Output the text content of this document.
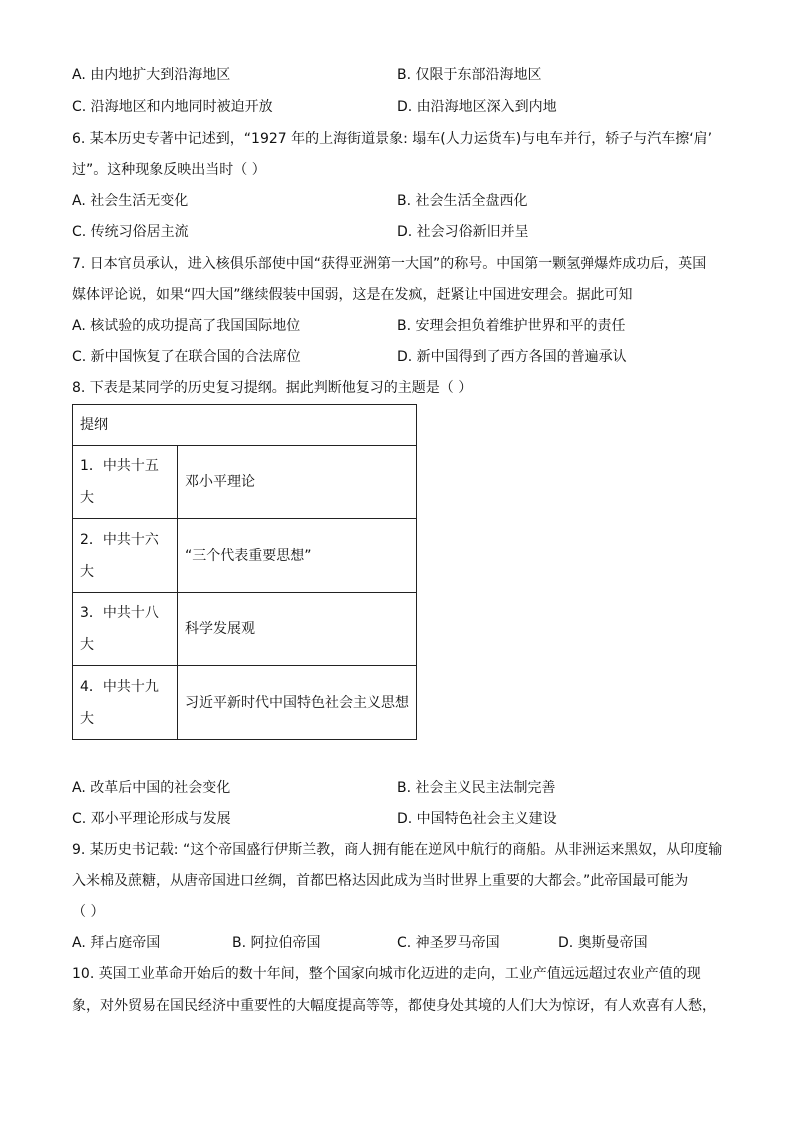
A. 由内地扩大到沿海地区	B. 仅限于东部沿海地区
C. 沿海地区和内地同时被迫开放	D. 由沿海地区深入到内地
6. 某本历史专著中记述到，“1927 年的上海街道景象: 塌车(人力运货车)与电车并行，轿子与汽车擦‘肩’
过”。这种现象反映出当时（ ）
A. 社会生活无变化	B. 社会生活全盘西化
C. 传统习俗居主流	D. 社会习俗新旧并呈
7. 日本官员承认，进入核俱乐部使中国“获得亚洲第一大国”的称号。中国第一颗氢弹爆炸成功后，英国
媒体评论说，如果“四大国”继续假装中国弱，这是在发疯，赶紧让中国进安理会。据此可知
A. 核试验的成功提高了我国国际地位	B. 安理会担负着维护世界和平的责任
C. 新中国恢复了在联合国的合法席位	D. 新中国得到了西方各国的普遍承认
8. 下表是某同学的历史复习提纲。据此判断他复习的主题是（ ）
提纲	
1．中共十五大	邓小平理论
2．中共十六大	“三个代表重要思想”
3．中共十八大	科学发展观
4．中共十九大	习近平新时代中国特色社会主义思想
A. 改革后中国的社会变化	B. 社会主义民主法制完善
C. 邓小平理论形成与发展	D. 中国特色社会主义建设
9. 某历史书记载: “这个帝国盛行伊斯兰教，商人拥有能在逆风中航行的商船。从非洲运来黑奴，从印度输
入米棉及蔗糖，从唐帝国进口丝绸，首都巴格达因此成为当时世界上重要的大都会。”此帝国最可能为
（ ）
A. 拜占庭帝国	B. 阿拉伯帝国	C. 神圣罗马帝国	D. 奥斯曼帝国
10. 英国工业革命开始后的数十年间，整个国家向城市化迈进的走向，工业产值远远超过农业产值的现
象，对外贸易在国民经济中重要性的大幅度提高等等，都使身处其境的人们大为惊讶，有人欢喜有人愁，
